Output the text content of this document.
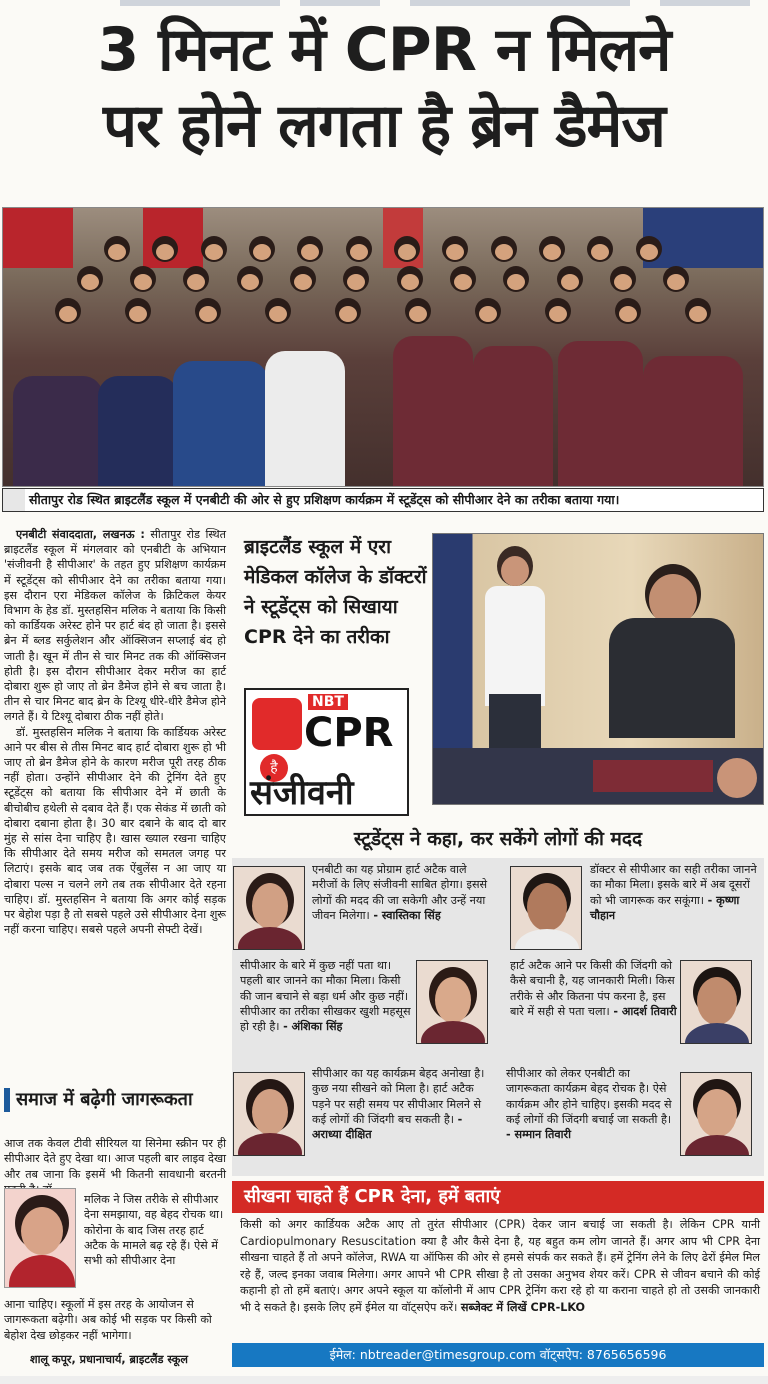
3 मिनट में CPR न मिलने
पर होने लगता है ब्रेन डैमेज
सीतापुर रोड स्थित ब्राइटलैंड स्कूल में एनबीटी की ओर से हुए प्रशिक्षण कार्यक्रम में स्टूडेंट्स को सीपीआर देने का तरीका बताया गया।

एनबीटी संवाददाता, लखनऊ : सीतापुर रोड स्थित ब्राइटलैंड स्कूल में मंगलवार को एनबीटी के अभियान 'संजीवनी है सीपीआर' के तहत हुए प्रशिक्षण कार्यक्रम में स्टूडेंट्स को सीपीआर देने का तरीका बताया गया। इस दौरान एरा मेडिकल कॉलेज के क्रिटिकल केयर विभाग के हेड डॉ. मुस्तहसिन मलिक ने बताया कि किसी को कार्डियक अरेस्ट होने पर हार्ट बंद हो जाता है। इससे ब्रेन में ब्लड सर्कुलेशन और ऑक्सिजन सप्लाई बंद हो जाती है। खून में तीन से चार मिनट तक की ऑक्सिजन होती है। इस दौरान सीपीआर देकर मरीज का हार्ट दोबारा शुरू हो जाए तो ब्रेन डैमेज होने से बच जाता है। तीन से चार मिनट बाद ब्रेन के टिश्यू धीरे-धीरे डैमेज होने लगते हैं। ये टिश्यू दोबारा ठीक नहीं होते।

डॉ. मुस्तहसिन मलिक ने बताया कि कार्डियक अरेस्ट आने पर बीस से तीस मिनट बाद हार्ट दोबारा शुरू हो भी जाए तो ब्रेन डैमेज होने के कारण मरीज पूरी तरह ठीक नहीं होता। उन्होंने सीपीआर देने की ट्रेनिंग देते हुए स्टूडेंट्स को बताया कि सीपीआर देने में छाती के बीचोबीच हथेली से दबाव देते हैं। एक सेकंड में छाती को दोबारा दबाना होता है। 30 बार दबाने के बाद दो बार मुंह से सांस देना चाहिए है। खास ख्याल रखना चाहिए कि सीपीआर देते समय मरीज को समतल जगह पर लिटाएं। इसके बाद जब तक ऐंबुलेंस न आ जाए या दोबारा पल्स न चलने लगे तब तक सीपीआर देते रहना चाहिए। डॉ. मुस्तहसिन ने बताया कि अगर कोई सड़क पर बेहोश पड़ा है तो सबसे पहले उसे सीपीआर देना शुरू नहीं करना चाहिए। सबसे पहले अपनी सेफ्टी देखें।

समाज में बढ़ेगी जागरूकता
आज तक केवल टीवी सीरियल या सिनेमा स्क्रीन पर ही सीपीआर देते हुए देखा था। आज पहली बार लाइव देखा और तब जाना कि इसमें भी कितनी सावधानी बरतनी
मलिक ने जिस तरीके से सीपीआर देना समझाया, वह बेहद रोचक था। कोरोना के बाद जिस तरह हार्ट अटैक के मामले बढ़ रहे हैं। ऐसे में सभी को सीपीआर देना
आना चाहिए। स्कूलों में इस तरह के आयोजन से जागरूकता बढ़ेगी। अब कोई भी सड़क पर किसी को बेहोश देख छोड़कर नहीं भागेगा।
शालू कपूर, प्रधानाचार्य, ब्राइटलैंड स्कूल
ब्राइटलैंड स्कूल में एरा मेडिकल कॉलेज के डॉक्टरों ने स्टूडेंट्स को सिखाया CPR देने का तरीका
NBT
CPR
है
संजीवनी
स्टूडेंट्स ने कहा, कर सकेंगे लोगों की मदद
एनबीटी का यह प्रोग्राम हार्ट अटैक वाले मरीजों के लिए संजीवनी साबित होगा। इससे लोगों की मदद की जा सकेगी और उन्हें नया जीवन मिलेगा। - स्वास्तिका सिंह
डॉक्टर से सीपीआर का सही तरीका जानने का मौका मिला। इसके बारे में अब दूसरों को भी जागरूक कर सकूंगा। - कृष्णा चौहान
सीपीआर के बारे में कुछ नहीं पता था। पहली बार जानने का मौका मिला। किसी की जान बचाने से बड़ा धर्म और कुछ नहीं। सीपीआर का तरीका सीखकर खुशी महसूस हो रही है। - अंशिका सिंह
हार्ट अटैक आने पर किसी की जिंदगी को कैसे बचानी है, यह जानकारी मिली। किस तरीके से और कितना पंप करना है, इस बारे में सही से पता चला। - आदर्श तिवारी
सीपीआर का यह कार्यक्रम बेहद अनोखा है। कुछ नया सीखने को मिला है। हार्ट अटैक पड़ने पर सही समय पर सीपीआर मिलने से कई लोगों की जिंदगी बच सकती है। - अराध्या दीक्षित
सीपीआर को लेकर एनबीटी का जागरूकता कार्यक्रम बेहद रोचक है। ऐसे कार्यक्रम और होने चाहिए। इसकी मदद से कई लोगों की जिंदगी बचाई जा सकती है। - सम्मान तिवारी
सीखना चाहते हैं CPR देना, हमें बताएं
किसी को अगर कार्डियक अटैक आए तो तुरंत सीपीआर (CPR) देकर जान बचाई जा सकती है। लेकिन CPR यानी Cardiopulmonary Resuscitation क्या है और कैसे देना है, यह बहुत कम लोग जानते हैं। अगर आप भी CPR देना सीखना चाहते हैं तो अपने कॉलेज, RWA या ऑफिस की ओर से हमसे संपर्क कर सकते हैं। हमें ट्रेनिंग लेने के लिए ढेरों ईमेल मिल रहे हैं, जल्द इनका जवाब मिलेगा। अगर आपने भी CPR सीखा है तो उसका अनुभव शेयर करें। CPR से जीवन बचाने की कोई कहानी हो तो हमें बताएं। अगर अपने स्कूल या कॉलोनी में आप CPR ट्रेनिंग करा रहे हो या कराना चाहते हो तो उसकी जानकारी भी दे सकते है। इसके लिए हमें ईमेल या वॉट्सऐप करें। सब्जेक्ट में लिखें CPR-LKO
ईमेल: nbtreader@timesgroup.com वॉट्सऐप: 8765656596
